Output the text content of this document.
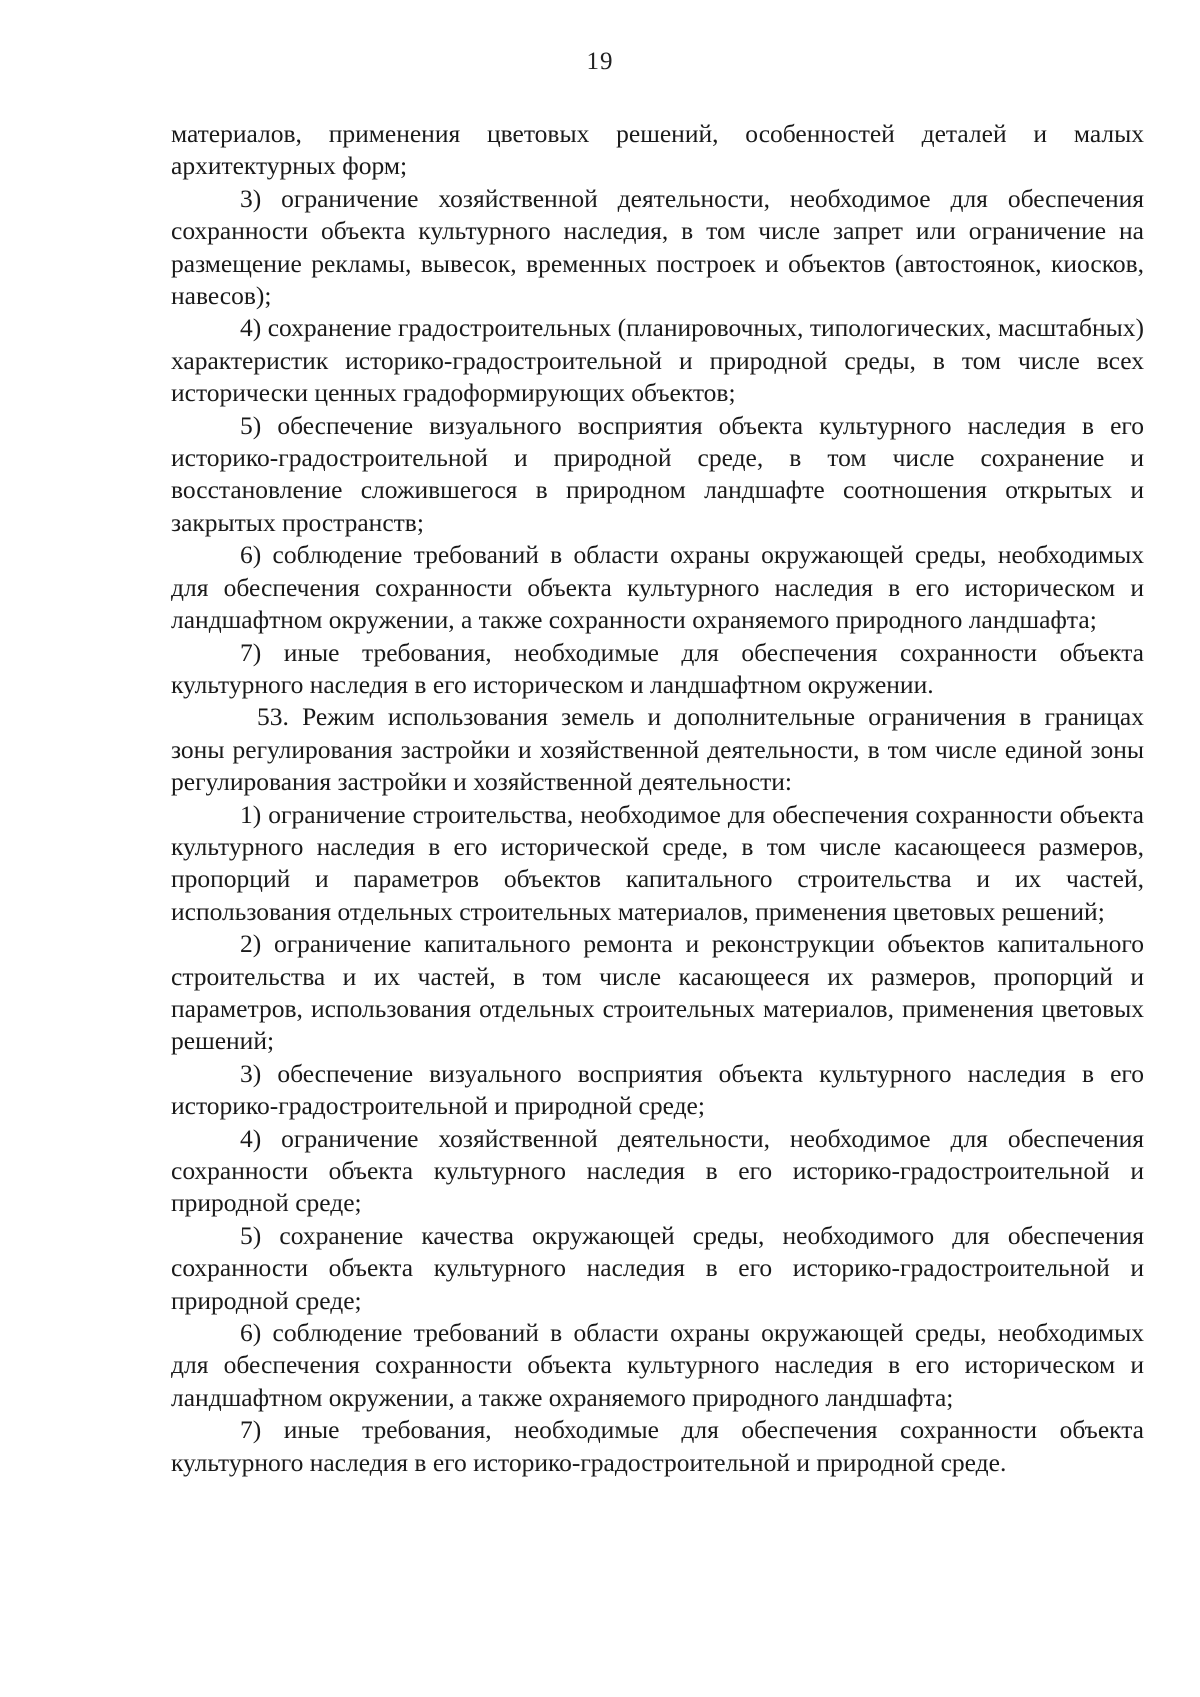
19

материалов, применения цветовых решений, особенностей деталей и малых архитектурных форм;

3) ограничение хозяйственной деятельности, необходимое для обеспечения сохранности объекта культурного наследия, в том числе запрет или ограничение на размещение рекламы, вывесок, временных построек и объектов (автостоянок, киосков, навесов);

4) сохранение градостроительных (планировочных, типологических, масштабных) характеристик историко-градостроительной и природной среды, в том числе всех исторически ценных градоформирующих объектов;

5) обеспечение визуального восприятия объекта культурного наследия в его историко-градостроительной и природной среде, в том числе сохранение и восстановление сложившегося в природном ландшафте соотношения открытых и закрытых пространств;

6) соблюдение требований в области охраны окружающей среды, необходимых для обеспечения сохранности объекта культурного наследия в его историческом и ландшафтном окружении, а также сохранности охраняемого природного ландшафта;

7) иные требования, необходимые для обеспечения сохранности объекта культурного наследия в его историческом и ландшафтном окружении.

53. Режим использования земель и дополнительные ограничения в границах зоны регулирования застройки и хозяйственной деятельности, в том числе единой зоны регулирования застройки и хозяйственной деятельности:

1) ограничение строительства, необходимое для обеспечения сохранности объекта культурного наследия в его исторической среде, в том числе касающееся размеров, пропорций и параметров объектов капитального строительства и их частей, использования отдельных строительных материалов, применения цветовых решений;

2) ограничение капитального ремонта и реконструкции объектов капитального строительства и их частей, в том числе касающееся их размеров, пропорций и параметров, использования отдельных строительных материалов, применения цветовых решений;

3) обеспечение визуального восприятия объекта культурного наследия в его историко-градостроительной и природной среде;

4) ограничение хозяйственной деятельности, необходимое для обеспечения сохранности объекта культурного наследия в его историко-градостроительной и природной среде;

5) сохранение качества окружающей среды, необходимого для обеспечения сохранности объекта культурного наследия в его историко-градостроительной и природной среде;

6) соблюдение требований в области охраны окружающей среды, необходимых для обеспечения сохранности объекта культурного наследия в его историческом и ландшафтном окружении, а также охраняемого природного ландшафта;

7) иные требования, необходимые для обеспечения сохранности объекта культурного наследия в его историко-градостроительной и природной среде.
